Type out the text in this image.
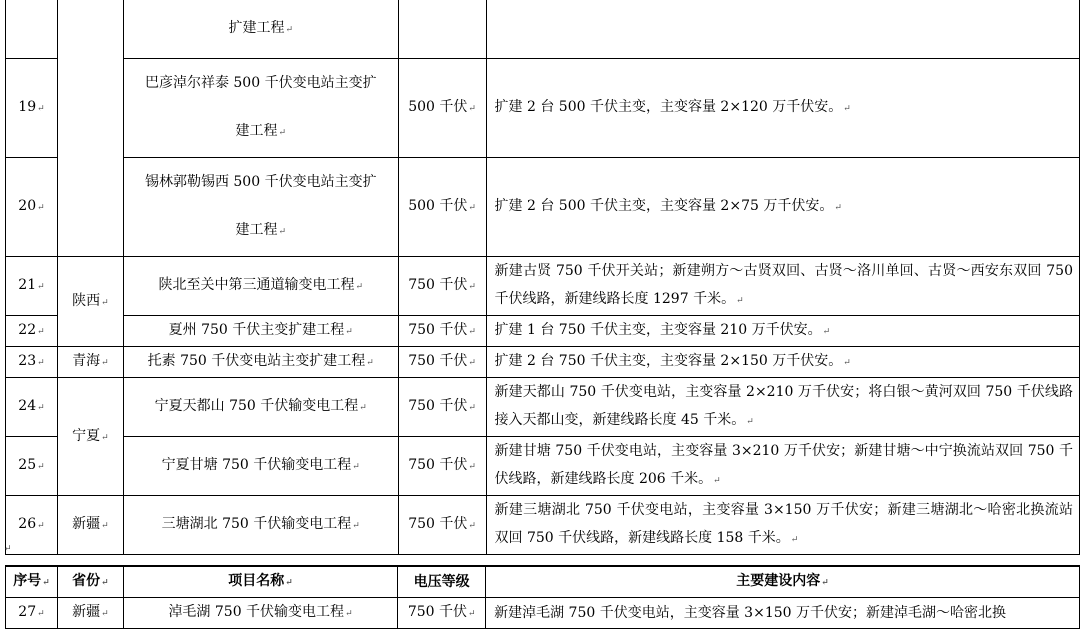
		扩建工程↵		
19↵		巴彦淖尔祥泰 500 千伏变电站主变扩
建工程↵	500 千伏↵	扩建 2 台 500 千伏主变，主变容量 2×120 万千伏安。↵
20↵		锡林郭勒锡西 500 千伏变电站主变扩
建工程↵	500 千伏↵	扩建 2 台 500 千伏主变，主变容量 2×75 万千伏安。↵
21↵	陕西↵	陕北至关中第三通道输变电工程↵	750 千伏↵	新建古贤 750 千伏开关站；新建朔方～古贤双回、古贤～洛川单回、古贤～西安东双回 750 千伏线路，新建线路长度 1297 千米。↵
22↵		夏州 750 千伏主变扩建工程↵	750 千伏↵	扩建 1 台 750 千伏主变，主变容量 210 万千伏安。↵
23↵	青海↵	托素 750 千伏变电站主变扩建工程↵	750 千伏↵	扩建 2 台 750 千伏主变，主变容量 2×150 万千伏安。↵
24↵	宁夏↵	宁夏天都山 750 千伏输变电工程↵	750 千伏↵	新建天都山 750 千伏变电站，主变容量 2×210 万千伏安；将白银～黄河双回 750 千伏线路接入天都山变，新建线路长度 45 千米。↵
25↵		宁夏甘塘 750 千伏输变电工程↵	750 千伏↵	新建甘塘 750 千伏变电站，主变容量 3×210 万千伏安；新建甘塘～中宁换流站双回 750 千伏线路，新建线路长度 206 千米。↵
26↵	新疆↵	三塘湖北 750 千伏输变电工程↵	750 千伏↵	新建三塘湖北 750 千伏变电站，主变容量 3×150 万千伏安；新建三塘湖北～哈密北换流站双回 750 千伏线路，新建线路长度 158 千米。↵
↵
序号↵	省份↵	项目名称↵	电压等级	主要建设内容↵
27↵	新疆↵	淖毛湖 750 千伏输变电工程↵	750 千伏↵	新建淖毛湖 750 千伏变电站，主变容量 3×150 万千伏安；新建淖毛湖～哈密北换
